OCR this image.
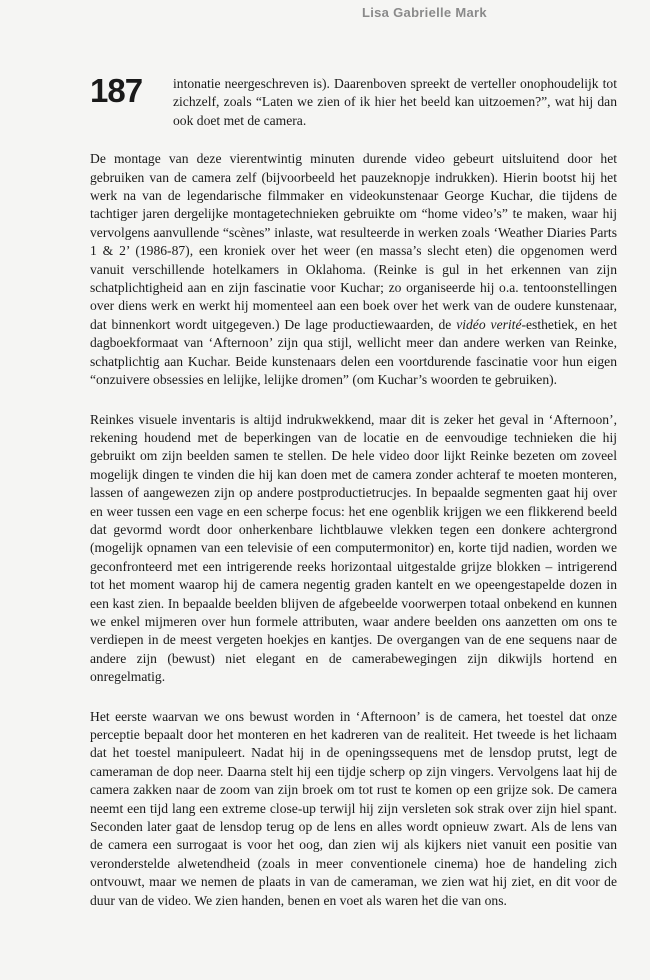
Lisa Gabrielle Mark
187	intonatie neergeschreven is). Daarenboven spreekt de verteller onophoudelijk tot zichzelf, zoals “Laten we zien of ik hier het beeld kan uitzoemen?”, wat hij dan ook doet met de camera.

De montage van deze vierentwintig minuten durende video gebeurt uitsluitend door het gebruiken van de camera zelf (bijvoorbeeld het pauzeknopje indrukken). Hierin bootst hij het werk na van de legendarische filmmaker en videokunstenaar George Kuchar, die tijdens de tachtiger jaren dergelijke montagetechnieken gebruikte om “home video’s” te maken, waar hij vervolgens aanvullende “scènes” inlaste, wat resulteerde in werken zoals ‘Weather Diaries Parts 1 & 2’ (1986-87), een kroniek over het weer (en massa’s slecht eten) die opgenomen werd vanuit verschillende hotelkamers in Oklahoma. (Reinke is gul in het erkennen van zijn schatplichtigheid aan en zijn fascinatie voor Kuchar; zo organiseerde hij o.a. tentoonstellingen over diens werk en werkt hij momenteel aan een boek over het werk van de oudere kunstenaar, dat binnenkort wordt uitgegeven.) De lage productiewaarden, de vidéo verité-esthetiek, en het dagboekformaat van ‘Afternoon’ zijn qua stijl, wellicht meer dan andere werken van Reinke, schatplichtig aan Kuchar. Beide kunstenaars delen een voortdurende fascinatie voor hun eigen “onzuivere obsessies en lelijke, lelijke dromen” (om Kuchar’s woorden te gebruiken).

Reinkes visuele inventaris is altijd indrukwekkend, maar dit is zeker het geval in ‘Afternoon’, rekening houdend met de beperkingen van de locatie en de eenvoudige technieken die hij gebruikt om zijn beelden samen te stellen. De hele video door lijkt Reinke bezeten om zoveel mogelijk dingen te vinden die hij kan doen met de camera zonder achteraf te moeten monteren, lassen of aangewezen zijn op andere postproductietrucjes. In bepaalde segmenten gaat hij over en weer tussen een vage en een scherpe focus: het ene ogenblik krijgen we een flikkerend beeld dat gevormd wordt door onherkenbare lichtblauwe vlekken tegen een donkere achtergrond (mogelijk opnamen van een televisie of een computermonitor) en, korte tijd nadien, worden we geconfronteerd met een intrigerende reeks horizontaal uitgestalde grijze blokken – intrigerend tot het moment waarop hij de camera negentig graden kantelt en we opeengestapelde dozen in een kast zien. In bepaalde beelden blijven de afgebeelde voorwerpen totaal onbekend en kunnen we enkel mijmeren over hun formele attributen, waar andere beelden ons aanzetten om ons te verdiepen in de meest vergeten hoekjes en kantjes. De overgangen van de ene sequens naar de andere zijn (bewust) niet elegant en de camerabewegingen zijn dikwijls hortend en onregelmatig.

Het eerste waarvan we ons bewust worden in ‘Afternoon’ is de camera, het toestel dat onze perceptie bepaalt door het monteren en het kadreren van de realiteit. Het tweede is het lichaam dat het toestel manipuleert. Nadat hij in de openingssequens met de lensdop prutst, legt de cameraman de dop neer. Daarna stelt hij een tijdje scherp op zijn vingers. Vervolgens laat hij de camera zakken naar de zoom van zijn broek om tot rust te komen op een grijze sok. De camera neemt een tijd lang een extreme close-up terwijl hij zijn versleten sok strak over zijn hiel spant. Seconden later gaat de lensdop terug op de lens en alles wordt opnieuw zwart. Als de lens van de camera een surrogaat is voor het oog, dan zien wij als kijkers niet vanuit een positie van veronderstelde alwetendheid (zoals in meer conventionele cinema) hoe de handeling zich ontvouwt, maar we nemen de plaats in van de cameraman, we zien wat hij ziet, en dit voor de duur van de video. We zien handen, benen en voet als waren het die van ons.
